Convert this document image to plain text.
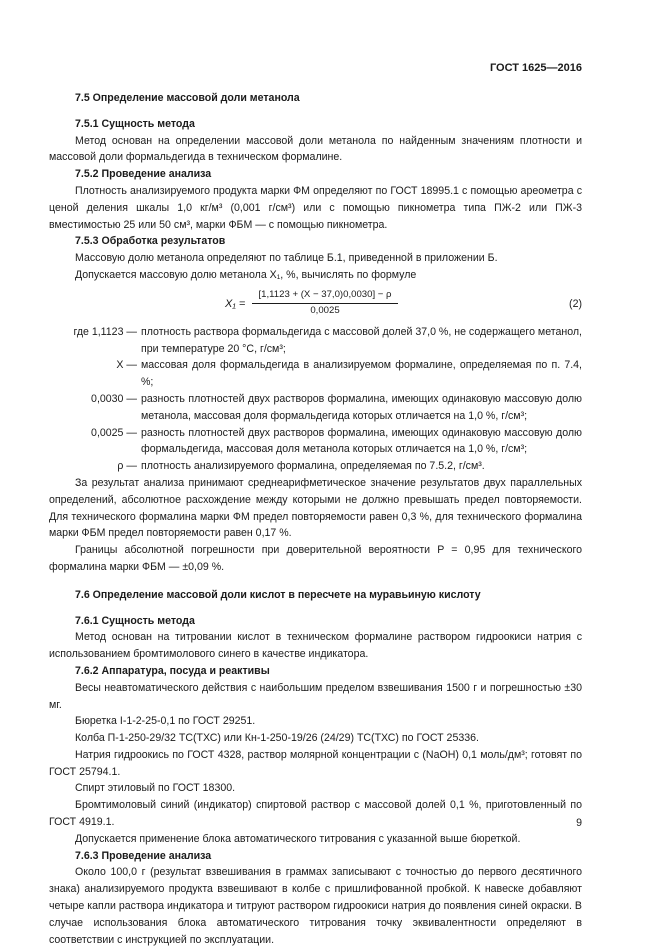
ГОСТ 1625—2016
7.5 Определение массовой доли метанола
7.5.1 Сущность метода
Метод основан на определении массовой доли метанола по найденным значениям плотности и массовой доли формальдегида в техническом формалине.
7.5.2 Проведение анализа
Плотность анализируемого продукта марки ФМ определяют по ГОСТ 18995.1 с помощью ареометра с ценой деления шкалы 1,0 кг/м³ (0,001 г/см³) или с помощью пикнометра типа ПЖ-2 или ПЖ-3 вместимостью 25 или 50 см³, марки ФБМ — с помощью пикнометра.
7.5.3 Обработка результатов
Массовую долю метанола определяют по таблице Б.1, приведенной в приложении Б.
Допускается массовую долю метанола X₁, %, вычислять по формуле
$X_1 = \frac{[1,1123 + (X - 37,0)0,0030] - \rho}{0,0025}$	(2)
где 1,1123 — плотность раствора формальдегида с массовой долей 37,0 %, не содержащего метанол, при температуре 20 °С, г/см³;
X — массовая доля формальдегида в анализируемом формалине, определяемая по п. 7.4, %;
0,0030 — разность плотностей двух растворов формалина, имеющих одинаковую массовую долю метанола, массовая доля формальдегида которых отличается на 1,0 %, г/см³;
0,0025 — разность плотностей двух растворов формалина, имеющих одинаковую массовую долю формальдегида, массовая доля метанола которых отличается на 1,0 %, г/см³;
ρ — плотность анализируемого формалина, определяемая по 7.5.2, г/см³.
За результат анализа принимают среднеарифметическое значение результатов двух параллельных определений, абсолютное расхождение между которыми не должно превышать предел повторяемости. Для технического формалина марки ФМ предел повторяемости равен 0,3 %, для технического формалина марки ФБМ предел повторяемости равен 0,17 %.
Границы абсолютной погрешности при доверительной вероятности P = 0,95 для технического формалина марки ФБМ — ±0,09 %.
7.6 Определение массовой доли кислот в пересчете на муравьиную кислоту
7.6.1 Сущность метода
Метод основан на титровании кислот в техническом формалине раствором гидроокиси натрия с использованием бромтимолового синего в качестве индикатора.
7.6.2 Аппаратура, посуда и реактивы
Весы неавтоматического действия с наибольшим пределом взвешивания 1500 г и погрешностью ±30 мг.
Бюретка I-1-2-25-0,1 по ГОСТ 29251.
Колба П-1-250-29/32 ТС(ТХС) или Кн-1-250-19/26 (24/29) ТС(ТХС) по ГОСТ 25336.
Натрия гидроокись по ГОСТ 4328, раствор молярной концентрации c (NaOH) 0,1 моль/дм³; готовят по ГОСТ 25794.1.
Спирт этиловый по ГОСТ 18300.
Бромтимоловый синий (индикатор) спиртовой раствор с массовой долей 0,1 %, приготовленный по ГОСТ 4919.1.
Допускается применение блока автоматического титрования с указанной выше бюреткой.
7.6.3 Проведение анализа
Около 100,0 г (результат взвешивания в граммах записывают с точностью до первого десятичного знака) анализируемого продукта взвешивают в колбе с пришлифованной пробкой. К навеске добавляют четыре капли раствора индикатора и титруют раствором гидроокиси натрия до появления синей окраски. В случае использования блока автоматического титрования точку эквивалентности определяют в соответствии с инструкцией по эксплуатации.
9
